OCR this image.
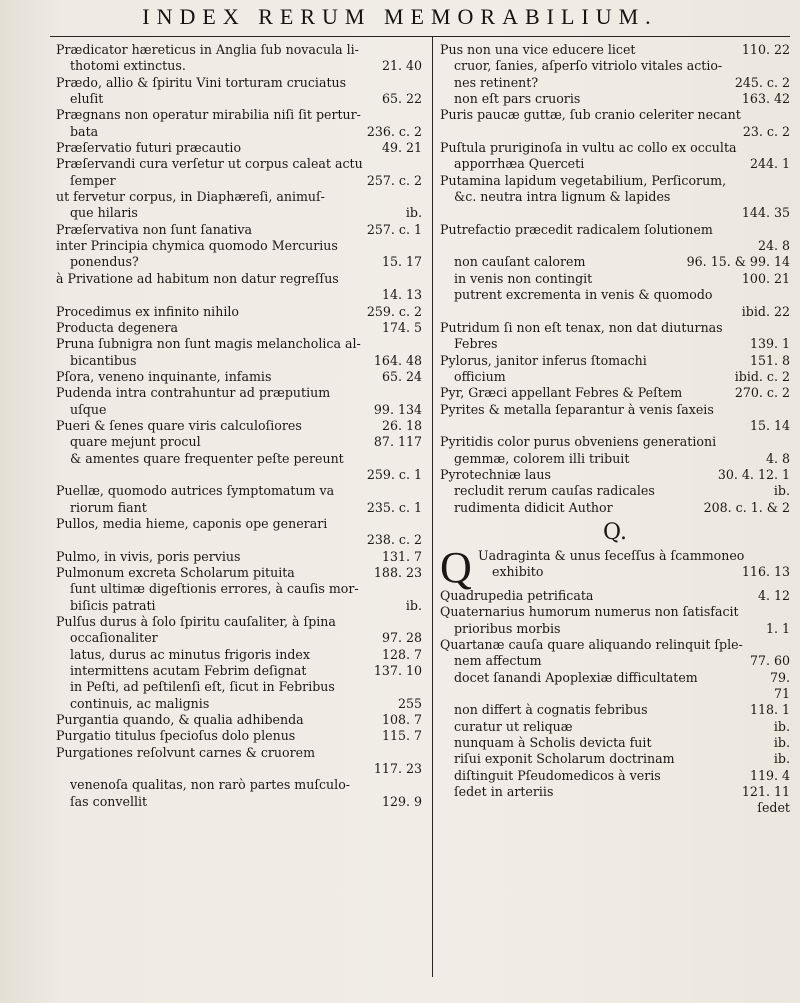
INDEX RERUM MEMORABILIUM.
Prædicator hæreticus in Anglia ſub novacula li-
thotomi extinctus.	21. 40
Prædo, allio & ſpiritu Vini torturam cruciatus
eluſit	65. 22
Prægnans non operatur mirabilia niſi ſit pertur-
bata	236. c. 2
Præſervatio futuri præcautio	49. 21
Præſervandi cura verſetur ut corpus caleat actu
ſemper	257. c. 2
ut fervetur corpus, in Diaphæreſi, animuſ-
que hilaris	ib.
Præſervativa non ſunt ſanativa	257. c. 1
inter Principia chymica quomodo Mercurius
ponendus?	15. 17
à Privatione ad habitum non datur regreſſus
14. 13
Procedimus ex infinito nihilo	259. c. 2
Producta degenera	174. 5
Pruna ſubnigra non ſunt magis melancholica al-
bicantibus	164. 48
Pſora, veneno inquinante, infamis	65. 24
Pudenda intra contrahuntur ad præputium
uſque	99. 134
Pueri & ſenes quare viris calculoſiores	26. 18
quare mejunt procul	87. 117
& amentes quare frequenter peſte pereunt
259. c. 1
Puellæ, quomodo autrices ſymptomatum va
riorum fiant	235. c. 1
Pullos, media hieme, caponis ope generari
238. c. 2
Pulmo, in vivis, poris pervius	131. 7
Pulmonum excreta Scholarum pituita	188. 23
ſunt ultimæ digeſtionis errores, à cauſis mor-
biſicis patrati	ib.
Pulſus durus à ſolo ſpiritu cauſaliter, à ſpina
occaſionaliter	97. 28
latus, durus ac minutus frigoris index	128. 7
intermittens acutam Febrim deſignat	137. 10
in Peſti, ad peſtilenſi eſt, ſicut in Febribus
continuis, ac malignis	255
Purgantia quando, & qualia adhibenda	108. 7
Purgatio titulus ſpecioſus dolo plenus	115. 7
Purgationes reſolvunt carnes & cruorem
117. 23
venenoſa qualitas, non rarò partes muſculo-
ſas convellit	129. 9
Pus non una vice educere licet	110. 22
cruor, ſanies, aſperſo vitriolo vitales actio-
nes retinent?	245. c. 2
non eſt pars cruoris	163. 42
Puris paucæ guttæ, ſub cranio celeriter necant
23. c. 2
Puſtula pruriginoſa in vultu ac collo ex occulta
apporrhæa Querceti	244. 1
Putamina lapidum vegetabilium, Perſicorum,
&c. neutra intra lignum & lapides
144. 35
Putrefactio præcedit radicalem ſolutionem
24. 8
non cauſant calorem	96. 15. & 99. 14
in venis non contingit	100. 21
putrent excrementa in venis & quomodo
ibid. 22
Putridum ſi non eſt tenax, non dat diuturnas
Febres	139. 1
Pylorus, janitor inferus ſtomachi	151. 8
officium	ibid. c. 2
Pyr, Græci appellant Febres & Peſtem	270. c. 2
Pyrites & metalla ſeparantur à venis ſaxeis
15. 14
Pyritidis color purus obveniens generationi
gemmæ, colorem illi tribuit	4. 8
Pyrotechniæ laus	30. 4. 12. 1
recludit rerum cauſas radicales	ib.
rudimenta didicit Author	208. c. 1. & 2
Q.
Q Uadraginta & unus ſeceſſus à ſcammoneo
exhibito	116. 13
Quadrupedia petrificata	4. 12
Quaternarius humorum numerus non ſatisfacit
prioribus morbis	1. 1
Quartanæ cauſa quare aliquando relinquit ſple-
nem affectum	77. 60
docet ſanandi Apoplexiæ difficultatem	79.
71
non differt à cognatis febribus	118. 1
curatur ut reliquæ	ib.
nunquam à Scholis devicta fuit	ib.
riſui exponit Scholarum doctrinam	ib.
diſtinguit Pſeudomedicos à veris	119. 4
ſedet in arteriis	121. 11
ſedet
